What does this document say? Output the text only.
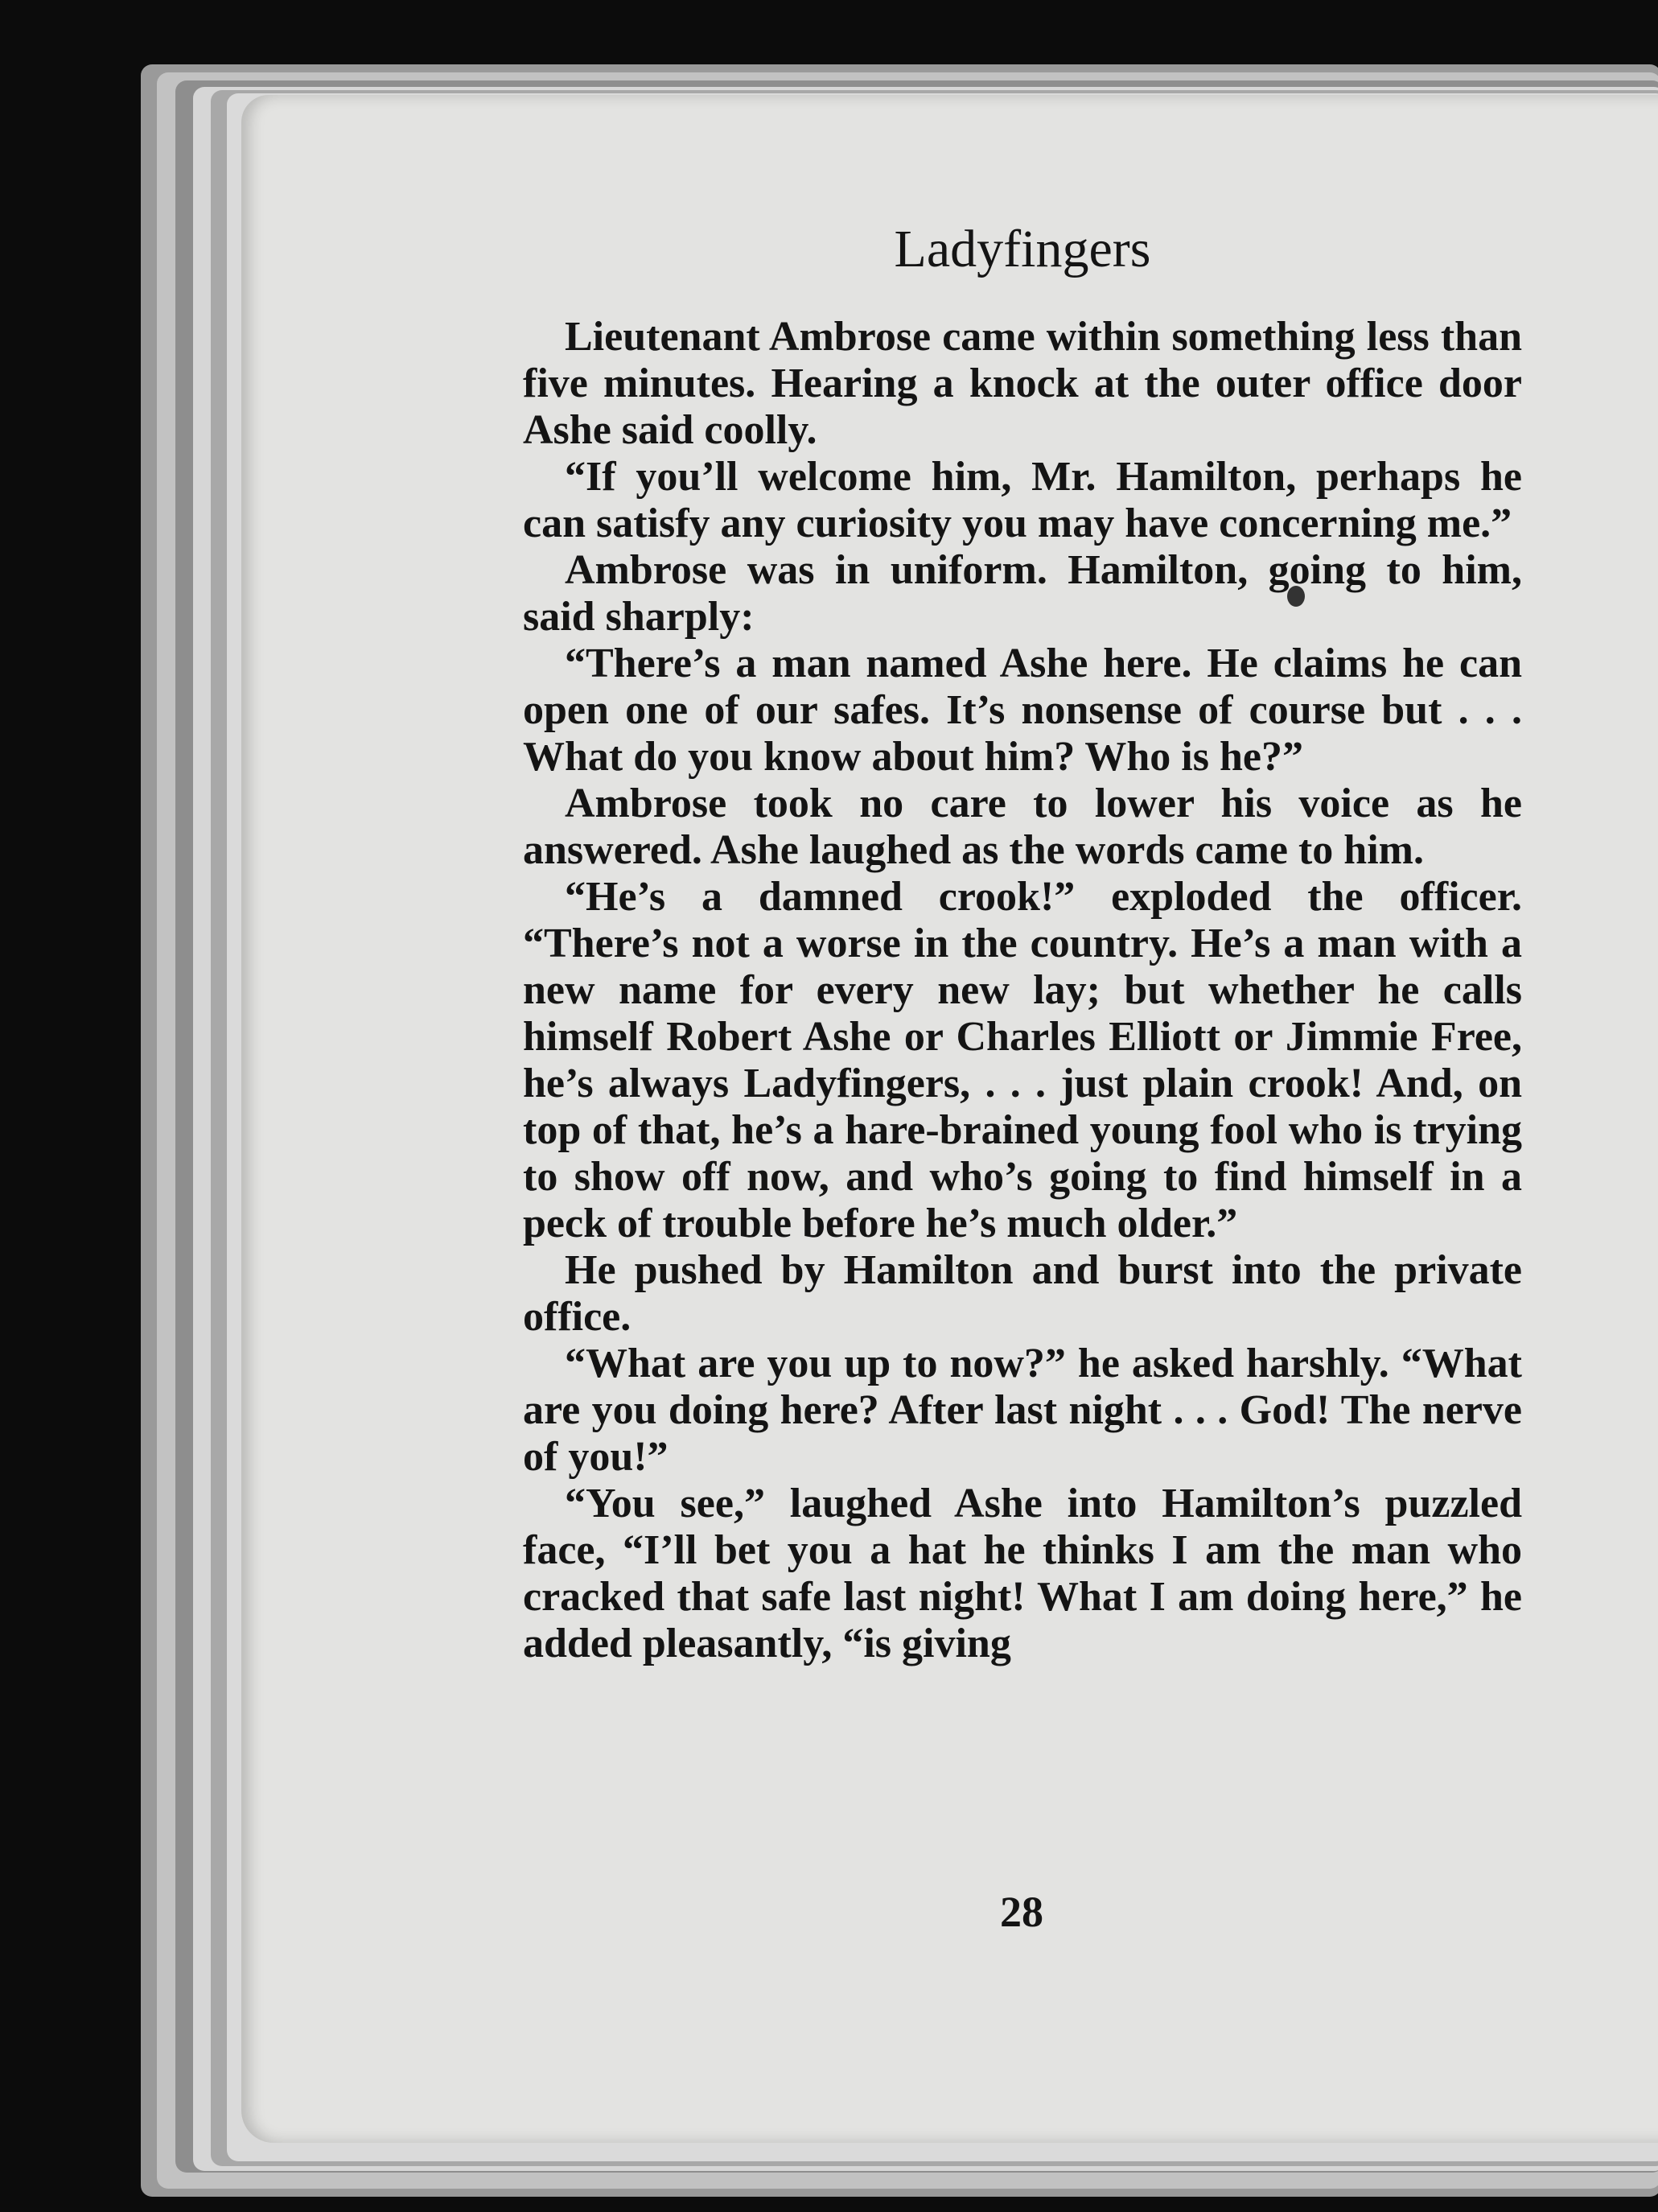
Ladyfingers

Lieutenant Ambrose came within something less than five minutes. Hearing a knock at the outer office door Ashe said coolly.

“If you’ll welcome him, Mr. Hamilton, perhaps he can satisfy any curiosity you may have concerning me.”

Ambrose was in uniform. Hamilton, going to him, said sharply:

“There’s a man named Ashe here. He claims he can open one of our safes. It’s nonsense of course but . . . What do you know about him? Who is he?”

Ambrose took no care to lower his voice as he answered. Ashe laughed as the words came to him.

“He’s a damned crook!” exploded the officer. “There’s not a worse in the country. He’s a man with a new name for every new lay; but whether he calls himself Robert Ashe or Charles Elliott or Jimmie Free, he’s always Ladyfingers, . . . just plain crook! And, on top of that, he’s a hare-brained young fool who is trying to show off now, and who’s going to find himself in a peck of trouble before he’s much older.”

He pushed by Hamilton and burst into the private office.

“What are you up to now?” he asked harshly. “What are you doing here? After last night . . . God! The nerve of you!”

“You see,” laughed Ashe into Hamilton’s puzzled face, “I’ll bet you a hat he thinks I am the man who cracked that safe last night! What I am doing here,” he added pleasantly, “is giving

28
